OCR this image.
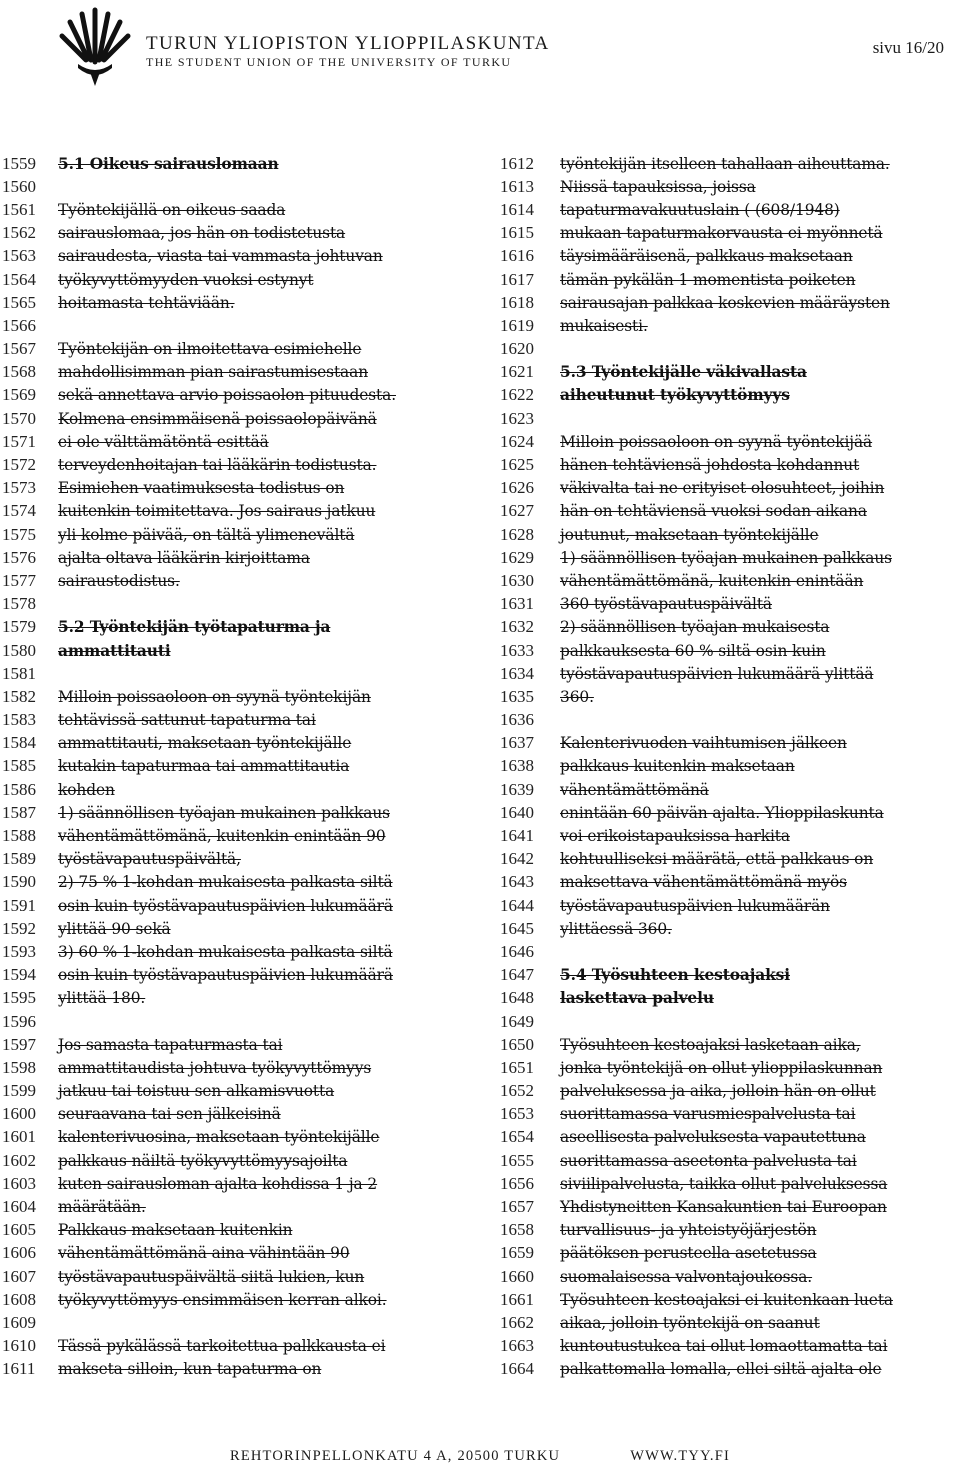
TURUN YLIOPISTON YLIOPPILASKUNTA
THE STUDENT UNION OF THE UNIVERSITY OF TURKU
sivu 16/20
1559	5.1 Oikeus sairauslomaan
1560
1561	Työntekijällä on oikeus saada
1562	sairauslomaa, jos hän on todistetusta
1563	sairaudesta, viasta tai vammasta johtuvan
1564	työkyvyttömyyden vuoksi estynyt
1565	hoitamasta tehtäviään.
1566
1567	Työntekijän on ilmoitettava esimiehelle
1568	mahdollisimman pian sairastumisestaan
1569	sekä annettava arvio poissaolon pituudesta.
1570	Kolmena ensimmäisenä poissaolopäivänä
1571	ei ole välttämätöntä esittää
1572	terveydenhoitajan tai lääkärin todistusta.
1573	Esimiehen vaatimuksesta todistus on
1574	kuitenkin toimitettava. Jos sairaus jatkuu
1575	yli kolme päivää, on tältä ylimenevältä
1576	ajalta oltava lääkärin kirjoittama
1577	sairaustodistus.
1578
1579	5.2 Työntekijän työtapaturma ja
1580	ammattitauti
1581
1582	Milloin poissaoloon on syynä työntekijän
1583	tehtävissä sattunut tapaturma tai
1584	ammattitauti, maksetaan työntekijälle
1585	kutakin tapaturmaa tai ammattitautia
1586	kohden
1587	1) säännöllisen työajan mukainen palkkaus
1588	vähentämättömänä, kuitenkin enintään 90
1589	työstävapautuspäivältä,
1590	2) 75 % 1-kohdan mukaisesta palkasta siltä
1591	osin kuin työstävapautuspäivien lukumäärä
1592	ylittää 90 sekä
1593	3) 60 % 1-kohdan mukaisesta palkasta siltä
1594	osin kuin työstävapautuspäivien lukumäärä
1595	ylittää 180.
1596
1597	Jos samasta tapaturmasta tai
1598	ammattitaudista johtuva työkyvyttömyys
1599	jatkuu tai toistuu sen alkamisvuotta
1600	seuraavana tai sen jälkeisinä
1601	kalenterivuosina, maksetaan työntekijälle
1602	palkkaus näiltä työkyvyttömyysajoilta
1603	kuten sairausloman ajalta kohdissa 1 ja 2
1604	määrätään.
1605	Palkkaus maksetaan kuitenkin
1606	vähentämättömänä aina vähintään 90
1607	työstävapautuspäivältä siitä lukien, kun
1608	työkyvyttömyys ensimmäisen kerran alkoi.
1609
1610	Tässä pykälässä tarkoitettua palkkausta ei
1611	makseta silloin, kun tapaturma on
1612	työntekijän itselleen tahallaan aiheuttama.
1613	Niissä tapauksissa, joissa
1614	tapaturmavakuutuslain ( (608/1948)
1615	mukaan tapaturmakorvausta ei myönnetä
1616	täysimääräisenä, palkkaus maksetaan
1617	tämän pykälän 1 momentista poiketen
1618	sairausajan palkkaa koskevien määräysten
1619	mukaisesti.
1620
1621	5.3 Työntekijälle väkivallasta
1622	aiheutunut työkyvyttömyys
1623
1624	Milloin poissaoloon on syynä työntekijää
1625	hänen tehtäviensä johdosta kohdannut
1626	väkivalta tai ne erityiset olosuhteet, joihin
1627	hän on tehtäviensä vuoksi sodan aikana
1628	joutunut, maksetaan työntekijälle
1629	1) säännöllisen työajan mukainen palkkaus
1630	vähentämättömänä, kuitenkin enintään
1631	360 työstävapautuspäivältä
1632	2) säännöllisen työajan mukaisesta
1633	palkkauksesta 60 % siltä osin kuin
1634	työstävapautuspäivien lukumäärä ylittää
1635	360.
1636
1637	Kalenterivuoden vaihtumisen jälkeen
1638	palkkaus kuitenkin maksetaan
1639	vähentämättömänä
1640	enintään 60 päivän ajalta. Ylioppilaskunta
1641	voi erikoistapauksissa harkita
1642	kohtuulliseksi määrätä, että palkkaus on
1643	maksettava vähentämättömänä myös
1644	työstävapautuspäivien lukumäärän
1645	ylittäessä 360.
1646
1647	5.4 Työsuhteen kestoajaksi
1648	laskettava palvelu
1649
1650	Työsuhteen kestoajaksi lasketaan aika,
1651	jonka työntekijä on ollut ylioppilaskunnan
1652	palveluksessa ja aika, jolloin hän on ollut
1653	suorittamassa varusmiespalvelusta tai
1654	aseellisesta palveluksesta vapautettuna
1655	suorittamassa aseetonta palvelusta tai
1656	siviilipalvelusta, taikka ollut palveluksessa
1657	Yhdistyneitten Kansakuntien tai Euroopan
1658	turvallisuus- ja yhteistyöjärjestön
1659	päätöksen perusteella asetetussa
1660	suomalaisessa valvontajoukossa.
1661	Työsuhteen kestoajaksi ei kuitenkaan lueta
1662	aikaa, jolloin työntekijä on saanut
1663	kuntoutustukea tai ollut lomaottamatta tai
1664	palkattomalla lomalla, ellei siltä ajalta ole
REHTORINPELLONKATU 4 A, 20500 TURKU	WWW.TYY.FI
